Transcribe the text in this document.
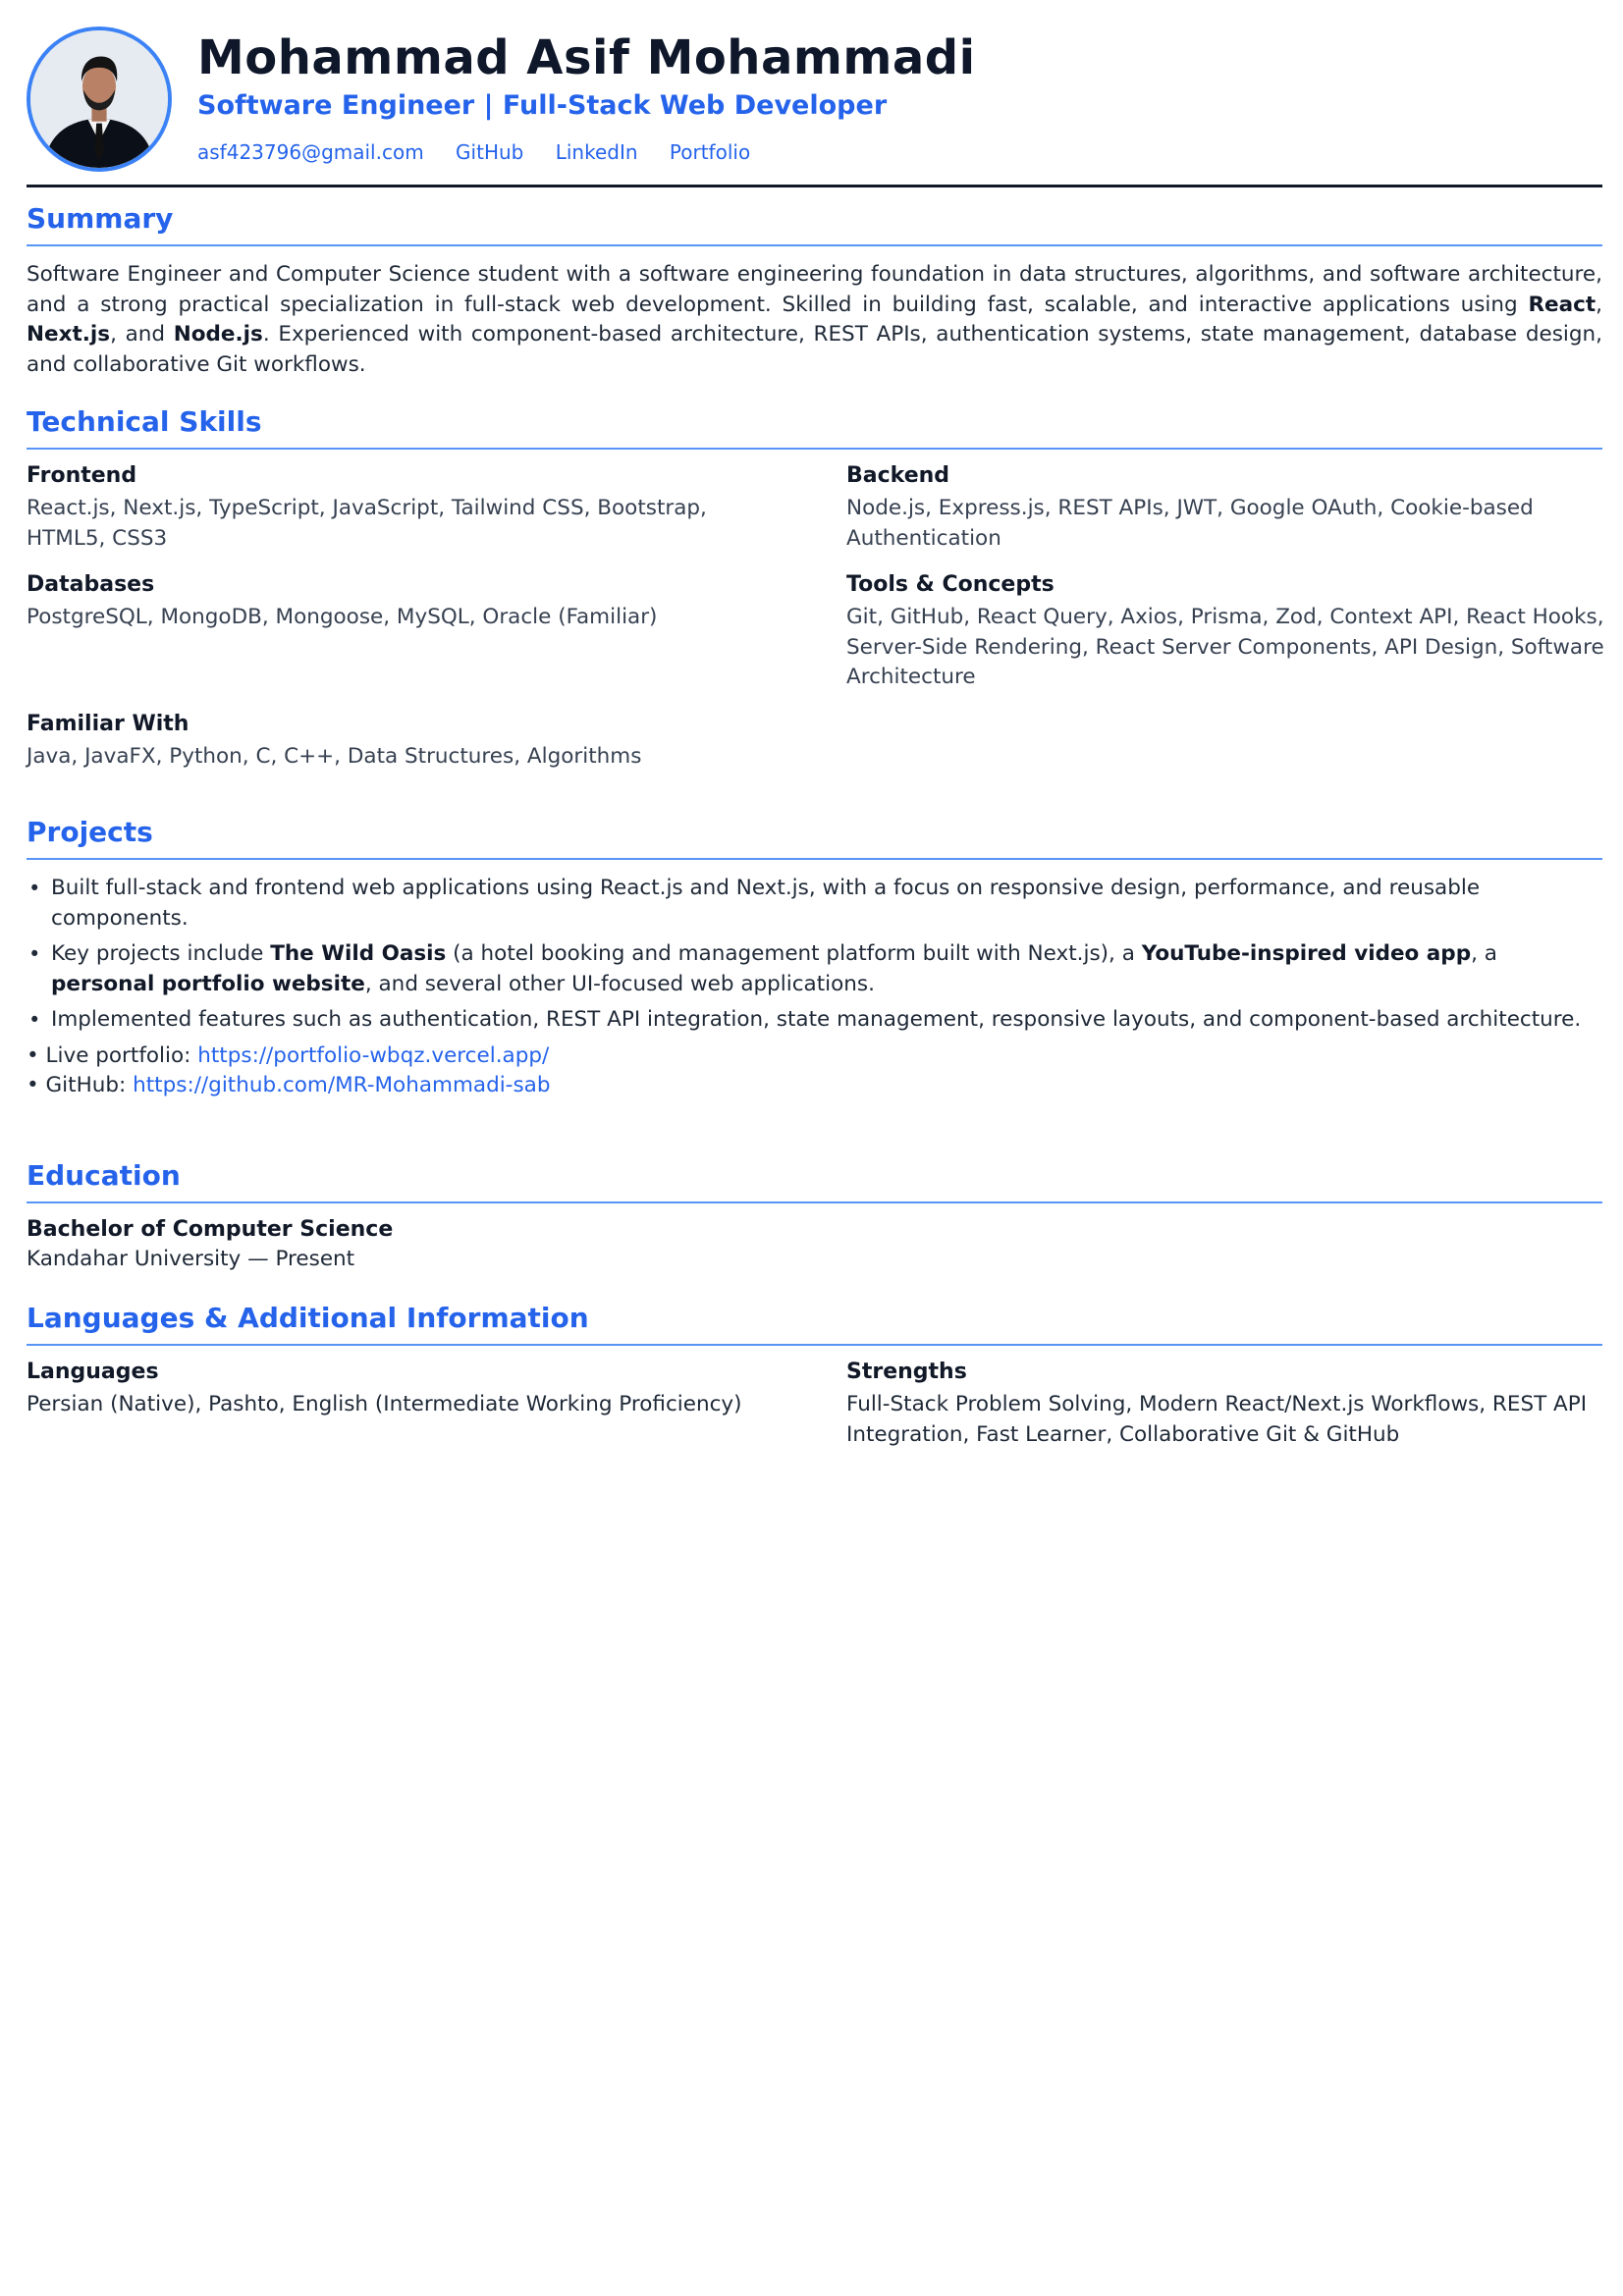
Mohammad Asif Mohammadi
Software Engineer | Full-Stack Web Developer
asf423796@gmail.com GitHub LinkedIn Portfolio
Summary

Software Engineer and Computer Science student with a software engineering foundation in data structures, algorithms, and software architecture, and a strong practical specialization in full-stack web development. Skilled in building fast, scalable, and interactive applications using React, Next.js, and Node.js. Experienced with component-based architecture, REST APIs, authentication systems, state management, database design, and collaborative Git workflows.

Technical Skills
Frontend
React.js, Next.js, TypeScript, JavaScript, Tailwind CSS, Bootstrap, HTML5, CSS3
Backend
Node.js, Express.js, REST APIs, JWT, Google OAuth, Cookie-based Authentication
Databases
PostgreSQL, MongoDB, Mongoose, MySQL, Oracle (Familiar)
Tools & Concepts
Git, GitHub, React Query, Axios, Prisma, Zod, Context API, React Hooks, Server-Side Rendering, React Server Components, API Design, Software Architecture
Familiar With
Java, JavaFX, Python, C, C++, Data Structures, Algorithms
Projects
• Built full-stack and frontend web applications using React.js and Next.js, with a focus on responsive design, performance, and reusable components.
• Key projects include The Wild Oasis (a hotel booking and management platform built with Next.js), a YouTube-inspired video app, a personal portfolio website, and several other UI-focused web applications.
• Implemented features such as authentication, REST API integration, state management, responsive layouts, and component-based architecture.
• Live portfolio: https://portfolio-wbqz.vercel.app/
• GitHub: https://github.com/MR-Mohammadi-sab
Education
Bachelor of Computer Science
Kandahar University — Present
Languages & Additional Information
Languages
Persian (Native), Pashto, English (Intermediate Working Proficiency)
Strengths
Full-Stack Problem Solving, Modern React/Next.js Workflows, REST API Integration, Fast Learner, Collaborative Git & GitHub
